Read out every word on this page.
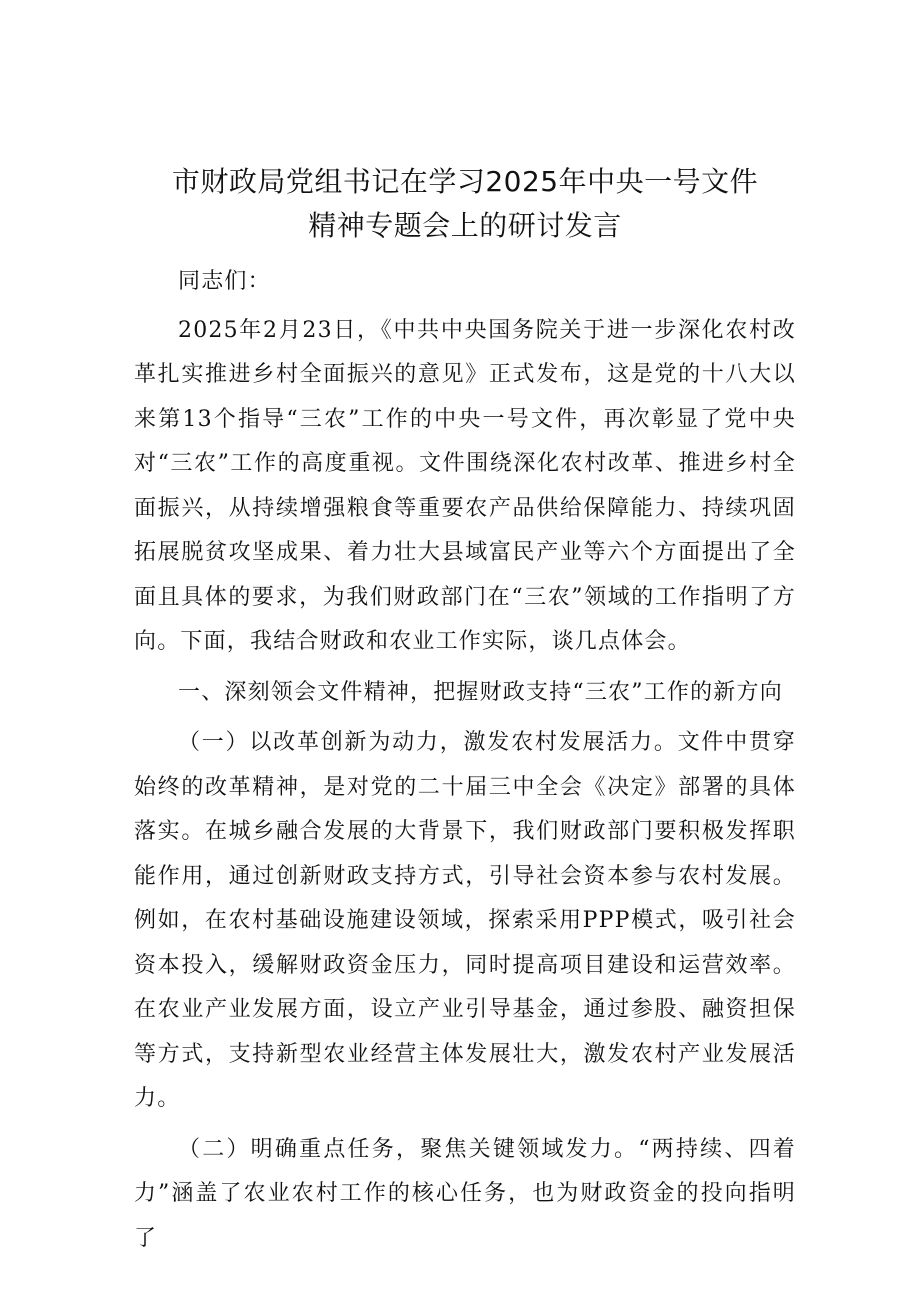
市财政局党组书记在学习2025年中央一号文件
精神专题会上的研讨发言

同志们：

2025年2月23日，《中共中央国务院关于进一步深化农村改革扎实推进乡村全面振兴的意见》正式发布，这是党的十八大以来第13个指导“三农”工作的中央一号文件，再次彰显了党中央对“三农”工作的高度重视。文件围绕深化农村改革、推进乡村全面振兴，从持续增强粮食等重要农产品供给保障能力、持续巩固拓展脱贫攻坚成果、着力壮大县域富民产业等六个方面提出了全面且具体的要求，为我们财政部门在“三农”领域的工作指明了方向。下面，我结合财政和农业工作实际，谈几点体会。

一、深刻领会文件精神，把握财政支持“三农”工作的新方向

（一）以改革创新为动力，激发农村发展活力。文件中贯穿始终的改革精神，是对党的二十届三中全会《决定》部署的具体落实。在城乡融合发展的大背景下，我们财政部门要积极发挥职能作用，通过创新财政支持方式，引导社会资本参与农村发展。例如，在农村基础设施建设领域，探索采用PPP模式，吸引社会资本投入，缓解财政资金压力，同时提高项目建设和运营效率。在农业产业发展方面，设立产业引导基金，通过参股、融资担保等方式，支持新型农业经营主体发展壮大，激发农村产业发展活力。

（二）明确重点任务，聚焦关键领域发力。“两持续、四着力”涵盖了农业农村工作的核心任务，也为财政资金的投向指明了
